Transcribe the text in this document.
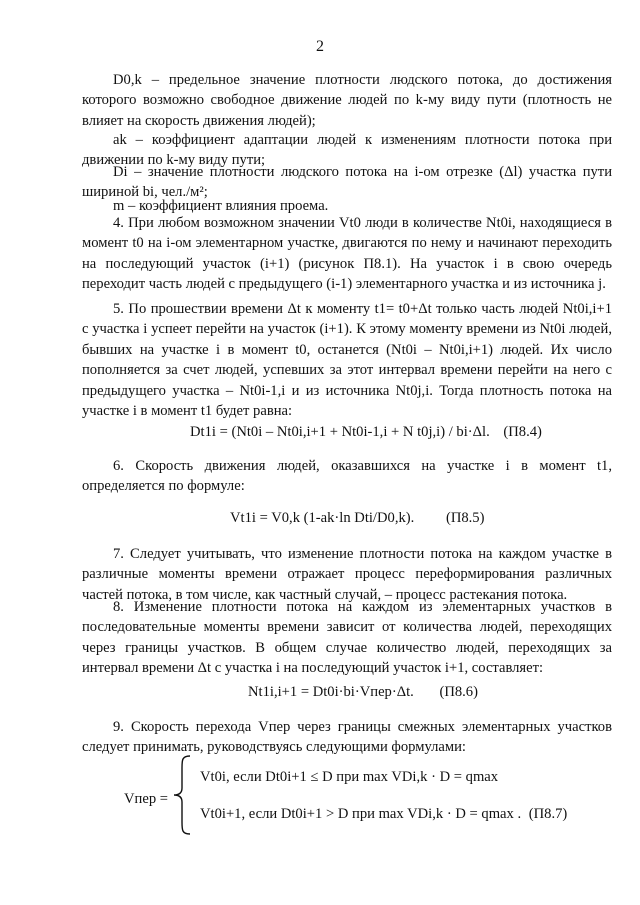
2
D0,k – предельное значение плотности людского потока, до достижения которого возможно свободное движение людей по k-му виду пути (плотность не влияет на скорость движения людей);
ak – коэффициент адаптации людей к изменениям плотности потока при движении по k-му виду пути;
Di – значение плотности людского потока на i-ом отрезке (Δl) участка пути шириной bi, чел./м²;
m – коэффициент влияния проема.
4. При любом возможном значении Vt0 люди в количестве Nt0i, находящиеся в момент t0 на i-ом элементарном участке, двигаются по нему и начинают переходить на последующий участок (i+1) (рисунок П8.1). На участок i в свою очередь переходит часть людей с предыдущего (i-1) элементарного участка и из источника j.
5. По прошествии времени Δt к моменту t1= t0+Δt только часть людей Nt0i,i+1 с участка i успеет перейти на участок (i+1). К этому моменту времени из Nt0i людей, бывших на участке i в момент t0, останется (Nt0i – Nt0i,i+1) людей. Их число пополняется за счет людей, успевших за этот интервал времени перейти на него с предыдущего участка – Nt0i-1,i и из источника Nt0j,i. Тогда плотность потока на участке i в момент t1 будет равна:
Dt1i = (Nt0i – Nt0i,i+1 + Nt0i-1,i + N t0j,i) / bi·Δl. (П8.4)
6. Скорость движения людей, оказавшихся на участке i в момент t1, определяется по формуле:
Vt1i = V0,k (1-ak·ln Dti/D0,k). (П8.5)
7. Следует учитывать, что изменение плотности потока на каждом участке в различные моменты времени отражает процесс переформирования различных частей потока, в том числе, как частный случай, – процесс растекания потока.
8. Изменение плотности потока на каждом из элементарных участков в последовательные моменты времени зависит от количества людей, переходящих через границы участков. В общем случае количество людей, переходящих за интервал времени Δt с участка i на последующий участок i+1, составляет:
Nt1i,i+1 = Dt0i·bi·Vпер·Δt. (П8.6)
9. Скорость перехода Vпер через границы смежных элементарных участков следует принимать, руководствуясь следующими формулами:
Vпер =
Vt0i, если Dt0i+1 ≤ D при max VDi,k · D = qmax
Vt0i+1, если Dt0i+1 > D при max VDi,k · D = qmax . (П8.7)
